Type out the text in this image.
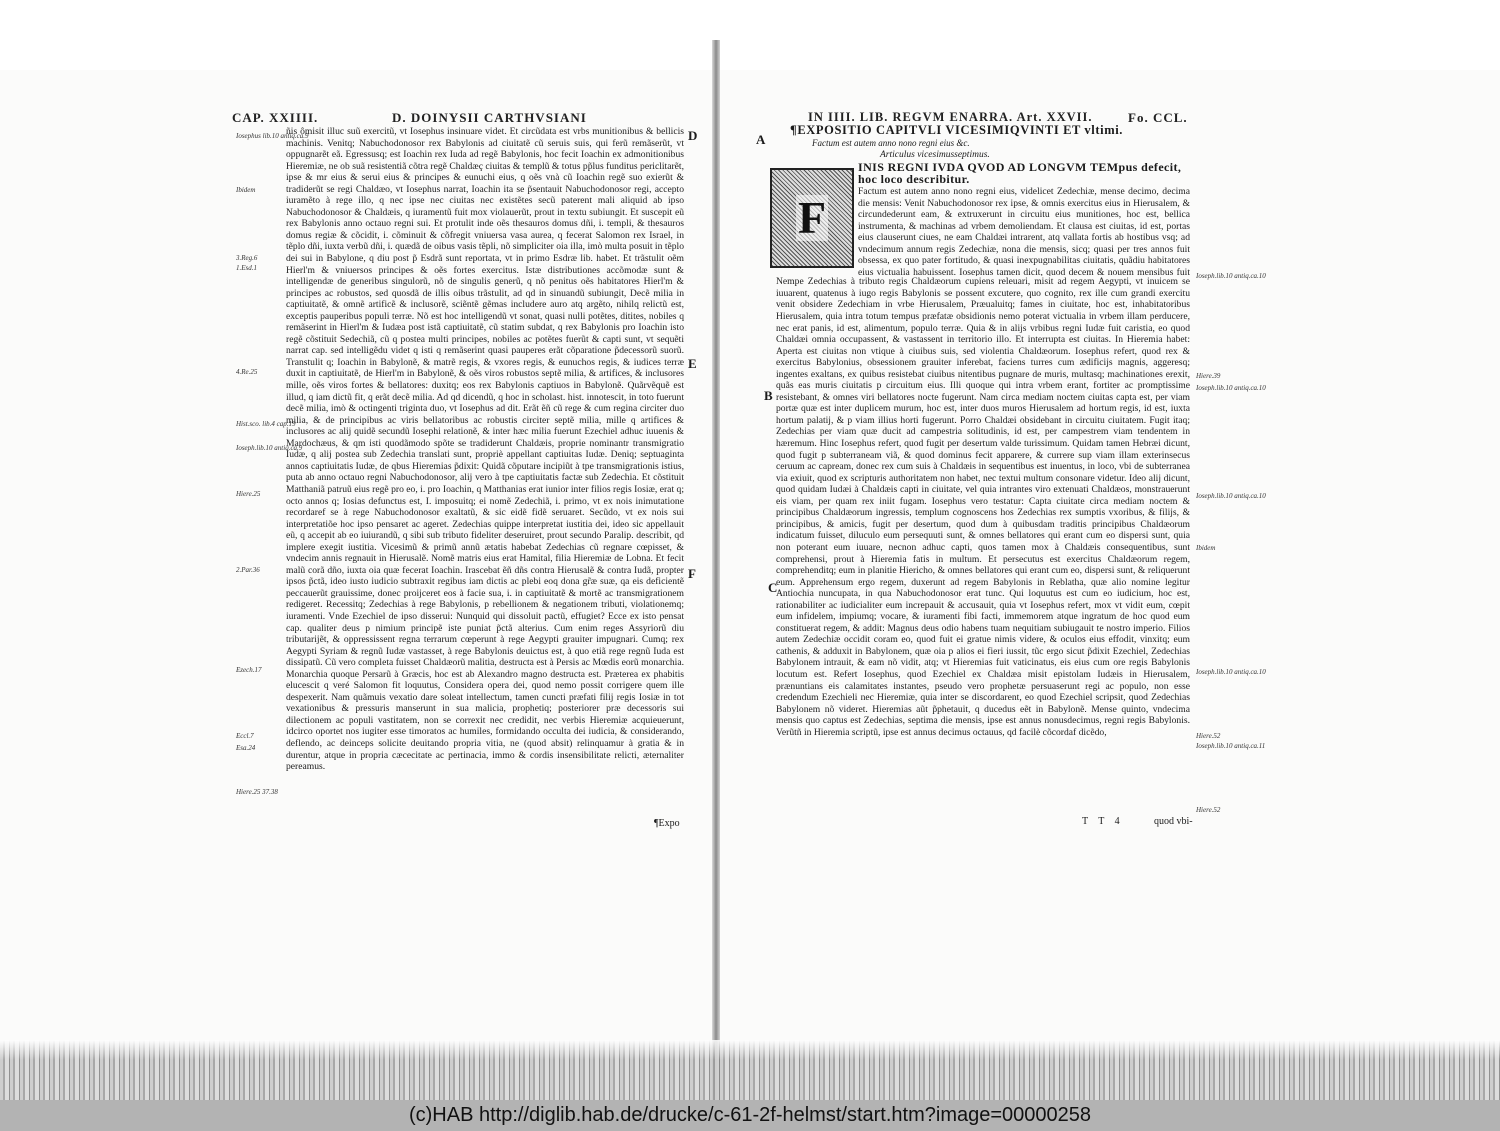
CAP. XXIIII.	D. DOINYSII CARTHVSIANI
D
E
F
Iosephus lib.10 antiq.ca.9
Ibidem
3.Reg.6
1.Esd.1
4.Re.25
Hist.sco. lib.4 cap.19
Ioseph.lib.10 antiq.ca.9
Hiere.25
2.Par.36
Ezech.17
Eccl.7
Esa.24
Hiere.25 37.38

ñis ômisit illuc suũ exercitũ, vt Iosephus insinuare videt. Et circũdata est vrbs munitionibus & bellicis machinis. Venitq; Nabuchodonosor rex Babylonis ad ciuitatẽ cũ seruis suis, qui ferũ remãserũt, vt oppugnarẽt eã. Egressusq; est Ioachin rex Iuda ad regẽ Babylonis, hoc fecit Ioachin ex admonitionibus Hieremiæ, ne ob suã resistentiã cõtra regẽ Chaldæç ciuitas & templũ & totus pp̃lus funditus periclitarẽt, ipse & mr eius & serui eius & principes & eunuchi eius, q oẽs vnà cũ Ioachin regẽ suo exierũt & tradiderũt se regi Chaldæo, vt Iosephus narrat, Ioachin ita se p̃sentauit Nabuchodonosor regi, accepto iuramẽto à rege illo, q nec ipse nec ciuitas nec existẽtes secũ paterent mali aliquid ab ipso Nabuchodonosor & Chaldæis, q iuramentũ fuit mox violauerũt, prout in textu subiungit. Et suscepit eũ rex Babylonis anno octauo regni sui. Et protulit inde oẽs thesauros domus dñi, i. templi, & thesauros domus regiæ & cõcidit, i. cõminuit & cõfregit vniuersa vasa aurea, q fecerat Salomon rex Israel, in tẽplo dñi, iuxta verbũ dñi, i. quædã de oibus vasis tẽpli, nõ simpliciter oia illa, imò multa posuit in tẽplo dei sui in Babylone, q diu post p̃ Esdrã sunt reportata, vt in primo Esdræ lib. habet. Et trãstulit oẽm Hierl'm & vniuersos principes & oẽs fortes exercitus. Istæ distributiones accõmodæ sunt & intelligendæ de generibus singulorũ, nõ de singulis generũ, q nõ penitus oẽs habitatores Hierl'm & principes ac robustos, sed quosdã de illis oibus trãstulit, ad qd in sinuandũ subiungit, Decẽ milia in captiuitatẽ, & omnẽ artificẽ & inclusorẽ, sciẽntẽ gẽmas includere auro atq argẽto, nihilq relictũ est, exceptis pauperibus populi terræ. Nõ est hoc intelligendũ vt sonat, quasi nulli potẽtes, ditites, nobiles q remãserint in Hierl'm & Iudæa post istã captiuitatẽ, cũ statim subdat, q rex Babylonis pro Ioachin isto regẽ cõstituit Sedechiã, cũ q postea multi principes, nobiles ac potẽtes fuerũt & capti sunt, vt sequẽti narrat cap. sed intelligẽdu videt q isti q remãserint quasi pauperes erãt cõparatione p̃decessorũ suorũ. Transtulit q; Ioachin in Babylonẽ, & matrẽ regis, & vxores regis, & eunuchos regis, & iudices terræ duxit in captiuitatẽ, de Hierl'm in Babylonẽ, & oẽs viros robustos septẽ milia, & artifices, & inclusores mille, oẽs viros fortes & bellatores: duxitq; eos rex Babylonis captiuos in Babylonẽ. Quãrvẽquẽ est illud, q iam dictũ fit, q erãt decẽ milia. Ad qd dicendũ, q hoc in scholast. hist. innotescit, in toto fuerunt decẽ milia, imò & octingenti triginta duo, vt Iosephus ad dit. Erãt ẽñ cũ rege & cum regina circiter duo milia, & de principibus ac viris bellatoribus ac robustis circiter septẽ milia, mille q artifices & inclusores ac alij quidẽ secundũ Iosephi relationẽ, & inter hæc milia fuerunt Ezechiel adhuc iuuenis & Mardochæus, & qm isti quodãmodo spõte se tradiderunt Chaldæis, proprie nominantr transmigratio Iudæ, q alij postea sub Zedechia translati sunt, propriè appellant captiuitas Iudæ. Deniq; septuaginta annos captiuitatis Iudæ, de qbus Hieremias p̃dixit: Quidã cõputare incipiũt à tpe transmigrationis istius, puta ab anno octauo regni Nabuchodonosor, alij vero à tpe captiuitatis factæ sub Zedechia. Et cõstituit Matthaniã patruũ eius regẽ pro eo, i. pro Ioachin, q Matthanias erat iunior inter filios regis Iosiæ, erat q; octo annos q; Iosias defunctus est, I. imposuitq; ei nomẽ Zedechiã, i. primo, vt ex nois inimutatione recordaref se à rege Nabuchodonosor exaltatũ, & sic eidẽ fidẽ seruaret. Secũdo, vt ex nois sui interpretatiõe hoc ipso pensaret ac ageret. Zedechias quippe interpretat iustitia dei, ideo sic appellauit eũ, q accepit ab eo iuiurandũ, q sibi sub tributo fideliter deseruiret, prout secundo Paralip. describit, qd implere exegit iustitia. Vicesimũ & primũ annũ ætatis habebat Zedechias cũ regnare cœpisset, & vndecim annis regnauit in Hierusalẽ. Nomẽ matris eius erat Hamital, filia Hieremiæ de Lobna. Et fecit malũ corã dño, iuxta oia quæ fecerat Ioachin. Irascebat ẽñ dñs contra Hierusalẽ & contra Iudã, propter ipsos p̃ctã, ideo iusto iudicio subtraxit regibus iam dictis ac plebi eoq dona gr̃æ suæ, qa eis deficientẽ peccauerũt grauissime, donec proijceret eos à facie sua, i. in captiuitatẽ & mortẽ ac transmigrationem redigeret. Recessitq; Zedechias à rege Babylonis, p rebellionem & negationem tributi, violationemq; iuramenti. Vnde Ezechiel de ipso disserui: Nunquid qui dissoluit pactũ, effugiet? Ecce ex isto pensat cap. qualiter deus p nimium principẽ iste puniat p̃ctã alterius. Cum enim reges Assyriorũ diu tributarijẽt, & oppressissent regna terrarum cœperunt à rege Aegypti grauiter impugnari. Cumq; rex Aegypti Syriam & regnũ Iudæ vastasset, à rege Babylonis deuictus est, à quo etiã rege regnũ Iuda est dissipatũ. Cũ vero completa fuisset Chaldæorũ malitia, destructa est à Persis ac Mœdis eorũ monarchia. Monarchia quoque Persarũ à Græcis, hoc est ab Alexandro magno destructa est. Præterea ex phabitis elucescit q veré Salomon fit loquutus, Considera opera dei, quod nemo possit corrigere quem ille despexerit. Nam quãmuis vexatio dare soleat intellectum, tamen cuncti præfati filij regis Iosiæ in tot vexationibus & pressuris manserunt in sua malicia, prophetiq; posteriorer præ decessoris sui dilectionem ac populi vastitatem, non se correxit nec credidit, nec verbis Hieremiæ acquieuerunt, idcirco oportet nos iugiter esse timoratos ac humiles, formidando occulta dei iudicia, & considerando, deflendo, ac deinceps solicite deuitando propria vitia, ne (quod absit) relinquamur à gratia & in durentur, atque in propria cæcecitate ac pertinacia, immo & cordis insensibilitate relicti, æternaliter pereamus.

¶Expo
IN IIII. LIB. REGVM ENARRA. Art. XXVII.	Fo. CCL.
A
B
C
¶EXPOSITIO CAPITVLI VICESIMIQVINTI ET vltimi.
Factum est autem anno nono regni eius &c.
Articulus vicesimusseptimus.
F
INIS REGNI IVDA QVOD AD LONGVM TEMpus defecit, hoc loco describitur.

Factum est autem anno nono regni eius, videlicet Zedechiæ, mense decimo, decima die mensis: Venit Nabuchodonosor rex ipse, & omnis exercitus eius in Hierusalem, & circundederunt eam, & extruxerunt in circuitu eius munitiones, hoc est, bellica instrumenta, & machinas ad vrbem demoliendam. Et clausa est ciuitas, id est, portas eius clauserunt ciues, ne eam Chaldæi intrarent, atq vallata fortis ab hostibus vsq; ad vndecimum annum regis Zedechiæ, nona die mensis, sicq; quasi per tres annos fuit obsessa, ex quo pater fortitudo, & quasi inexpugnabilitas ciuitatis, quãdiu habitatores eius victualia habuissent. Iosephus tamen dicit, quod decem & nouem mensibus fuit

Nempe Zedechias à tributo regis Chaldæorum cupiens releuari, misit ad regem Aegypti, vt inuicem se iuuarent, quatenus à iugo regis Babylonis se possent excutere, quo cognito, rex ille cum grandi exercitu venit obsidere Zedechiam in vrbe Hierusalem, Præualuitq; fames in ciuitate, hoc est, inhabitatoribus Hierusalem, quia intra totum tempus præfatæ obsidionis nemo poterat victualia in vrbem illam perducere, nec erat panis, id est, alimentum, populo terræ. Quia & in alijs vrbibus regni Iudæ fuit caristia, eo quod Chaldæi omnia occupassent, & vastassent in territorio illo. Et interrupta est ciuitas. In Hieremia habet: Aperta est ciuitas non vtique à ciuibus suis, sed violentia Chaldæorum. Iosephus refert, quod rex & exercitus Babylonius, obsessionem grauiter inferebat, faciens turres cum ædificijs magnis, aggeresq; ingentes exaltans, ex quibus resistebat ciuibus nitentibus pugnare de muris, multasq; machinationes erexit, quãs eas muris ciuitatis p circuitum eius. Illi quoque qui intra vrbem erant, fortiter ac promptissime resistebant, & omnes viri bellatores nocte fugerunt. Nam circa mediam noctem ciuitas capta est, per viam portæ quæ est inter duplicem murum, hoc est, inter duos muros Hierusalem ad hortum regis, id est, iuxta hortum palatij, & p viam illius horti fugerunt. Porro Chaldæi obsidebant in circuitu ciuitatem. Fugit itaq; Zedechias per viam quæ ducit ad campestria solitudinis, id est, per campestrem viam tendentem in hæremum. Hinc Iosephus refert, quod fugit per desertum valde turissimum. Quidam tamen Hebræi dicunt, quod fugit p subterraneam viã, & quod dominus fecit apparere, & currere sup viam illam exterinsecus ceruum ac capream, donec rex cum suis à Chaldæis in sequentibus est inuentus, in loco, vbi de subterranea via exiuit, quod ex scripturis authoritatem non habet, nec textui multum consonare videtur. Ideo alij dicunt, quod quidam Iudæi à Chaldæis capti in ciuitate, vel quia intrantes viro extenuati Chaldæos, monstrauerunt eis viam, per quam rex iniit fugam. Iosephus vero testatur: Capta ciuitate circa mediam noctem & principibus Chaldæorum ingressis, templum cognoscens hos Zedechias rex sumptis vxoribus, & filijs, & principibus, & amicis, fugit per desertum, quod dum à quibusdam traditis principibus Chaldæorum indicatum fuisset, diluculo eum persequuti sunt, & omnes bellatores qui erant cum eo dispersi sunt, quia non poterant eum iuuare, necnon adhuc capti, quos tamen mox à Chaldæis consequentibus, sunt comprehensi, prout à Hieremia fatis in multum. Et persecutus est exercitus Chaldæorum regem, comprehenditq; eum in planitie Hiericho, & omnes bellatores qui erant cum eo, dispersi sunt, & reliquerunt eum. Apprehensum ergo regem, duxerunt ad regem Babylonis in Reblatha, quæ alio nomine legitur Antiochia nuncupata, in qua Nabuchodonosor erat tunc. Qui loquutus est cum eo iudicium, hoc est, rationabiliter ac iudicialiter eum increpauit & accusauit, quia vt Iosephus refert, mox vt vidit eum, cœpit eum infidelem, impiumq; vocare, & iuramenti fibi facti, immemorem atque ingratum de hoc quod eum constituerat regem, & addit: Magnus deus odio habens tuam nequitiam subiugauit te nostro imperio. Filios autem Zedechiæ occidit coram eo, quod fuit ei gratue nimis videre, & oculos eius effodit, vinxitq; eum cathenis, & adduxit in Babylonem, quæ oia p alios ei fieri iussit, tũc ergo sicut p̃dixit Ezechiel, Zedechias Babylonem intrauit, & eam nõ vidit, atq; vt Hieremias fuit vaticinatus, eis eius cum ore regis Babylonis locutum est. Refert Iosephus, quod Ezechiel ex Chaldæa misit epistolam Iudæis in Hierusalem, prænuntians eis calamitates instantes, pseudo vero prophetæ persuaserunt regi ac populo, non esse credendum Ezechieli nec Hieremiæ, quia inter se discordarent, eo quod Ezechiel scripsit, quod Zedechias Babylonem nõ videret. Hieremias aũt p̃phetauit, q ducedus eẽt in Babylonẽ. Mense quinto, vndecima mensis quo captus est Zedechias, septima die mensis, ipse est annus nonusdecimus, regni regis Babylonis. Verũtñ in Hieremia scriptũ, ipse est annus decimus octauus, qd facilè cõcordaf dicẽdo,

Ioseph.lib.10 antiq.ca.10
Hiere.39
Ioseph.lib.10 antiq.ca.10
Ioseph.lib.10 antiq.ca.10
Ibidem
Ioseph.lib.10 antiq.ca.10
Hiere.52
Ioseph.lib.10 antiq.ca.11
Hiere.52
T T 4	quod vbi-
(c)HAB http://diglib.hab.de/drucke/c-61-2f-helmst/start.htm?image=00000258
